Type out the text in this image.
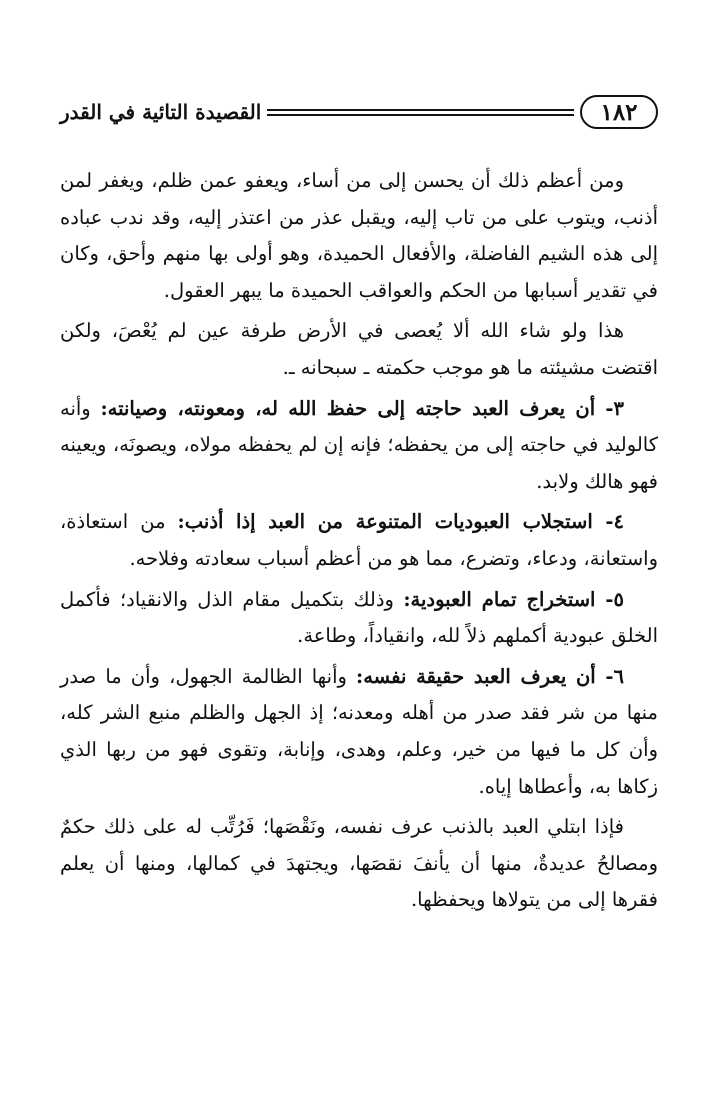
١٨٢
القصيدة التائية في القدر

ومن أعظم ذلك أن يحسن إلى من أساء، ويعفو عمن ظلم، ويغفر لمن أذنب، ويتوب على من تاب إليه، ويقبل عذر من اعتذر إليه، وقد ندب عباده إلى هذه الشيم الفاضلة، والأفعال الحميدة، وهو أولى بها منهم وأحق، وكان في تقدير أسبابها من الحكم والعواقب الحميدة ما يبهر العقول.

هذا ولو شاء الله ألا يُعصى في الأرض طرفة عين لم يُعْصَ، ولكن اقتضت مشيئته ما هو موجب حكمته ـ سبحانه ـ.

٣- أن يعرف العبد حاجته إلى حفظ الله له، ومعونته، وصيانته: وأنه كالوليد في حاجته إلى من يحفظه؛ فإنه إن لم يحفظه مولاه، ويصونَه، ويعينه فهو هالك ولابد.

٤- استجلاب العبوديات المتنوعة من العبد إذا أذنب: من استعاذة، واستعانة، ودعاء، وتضرع، مما هو من أعظم أسباب سعادته وفلاحه.

٥- استخراج تمام العبودية: وذلك بتكميل مقام الذل والانقياد؛ فأكمل الخلق عبودية أكملهم ذلاً لله، وانقياداً، وطاعة.

٦- أن يعرف العبد حقيقة نفسه: وأنها الظالمة الجهول، وأن ما صدر منها من شر فقد صدر من أهله ومعدنه؛ إذ الجهل والظلم منبع الشر كله، وأن كل ما فيها من خير، وعلم، وهدى، وإنابة، وتقوى فهو من ربها الذي زكاها به، وأعطاها إياه.

فإذا ابتلي العبد بالذنب عرف نفسه، ونَقْصَها؛ فَرُتِّب له على ذلك حكمٌ ومصالحُ عديدةٌ، منها أن يأنفَ نقصَها، ويجتهدَ في كمالها، ومنها أن يعلم فقرها إلى من يتولاها ويحفظها.
